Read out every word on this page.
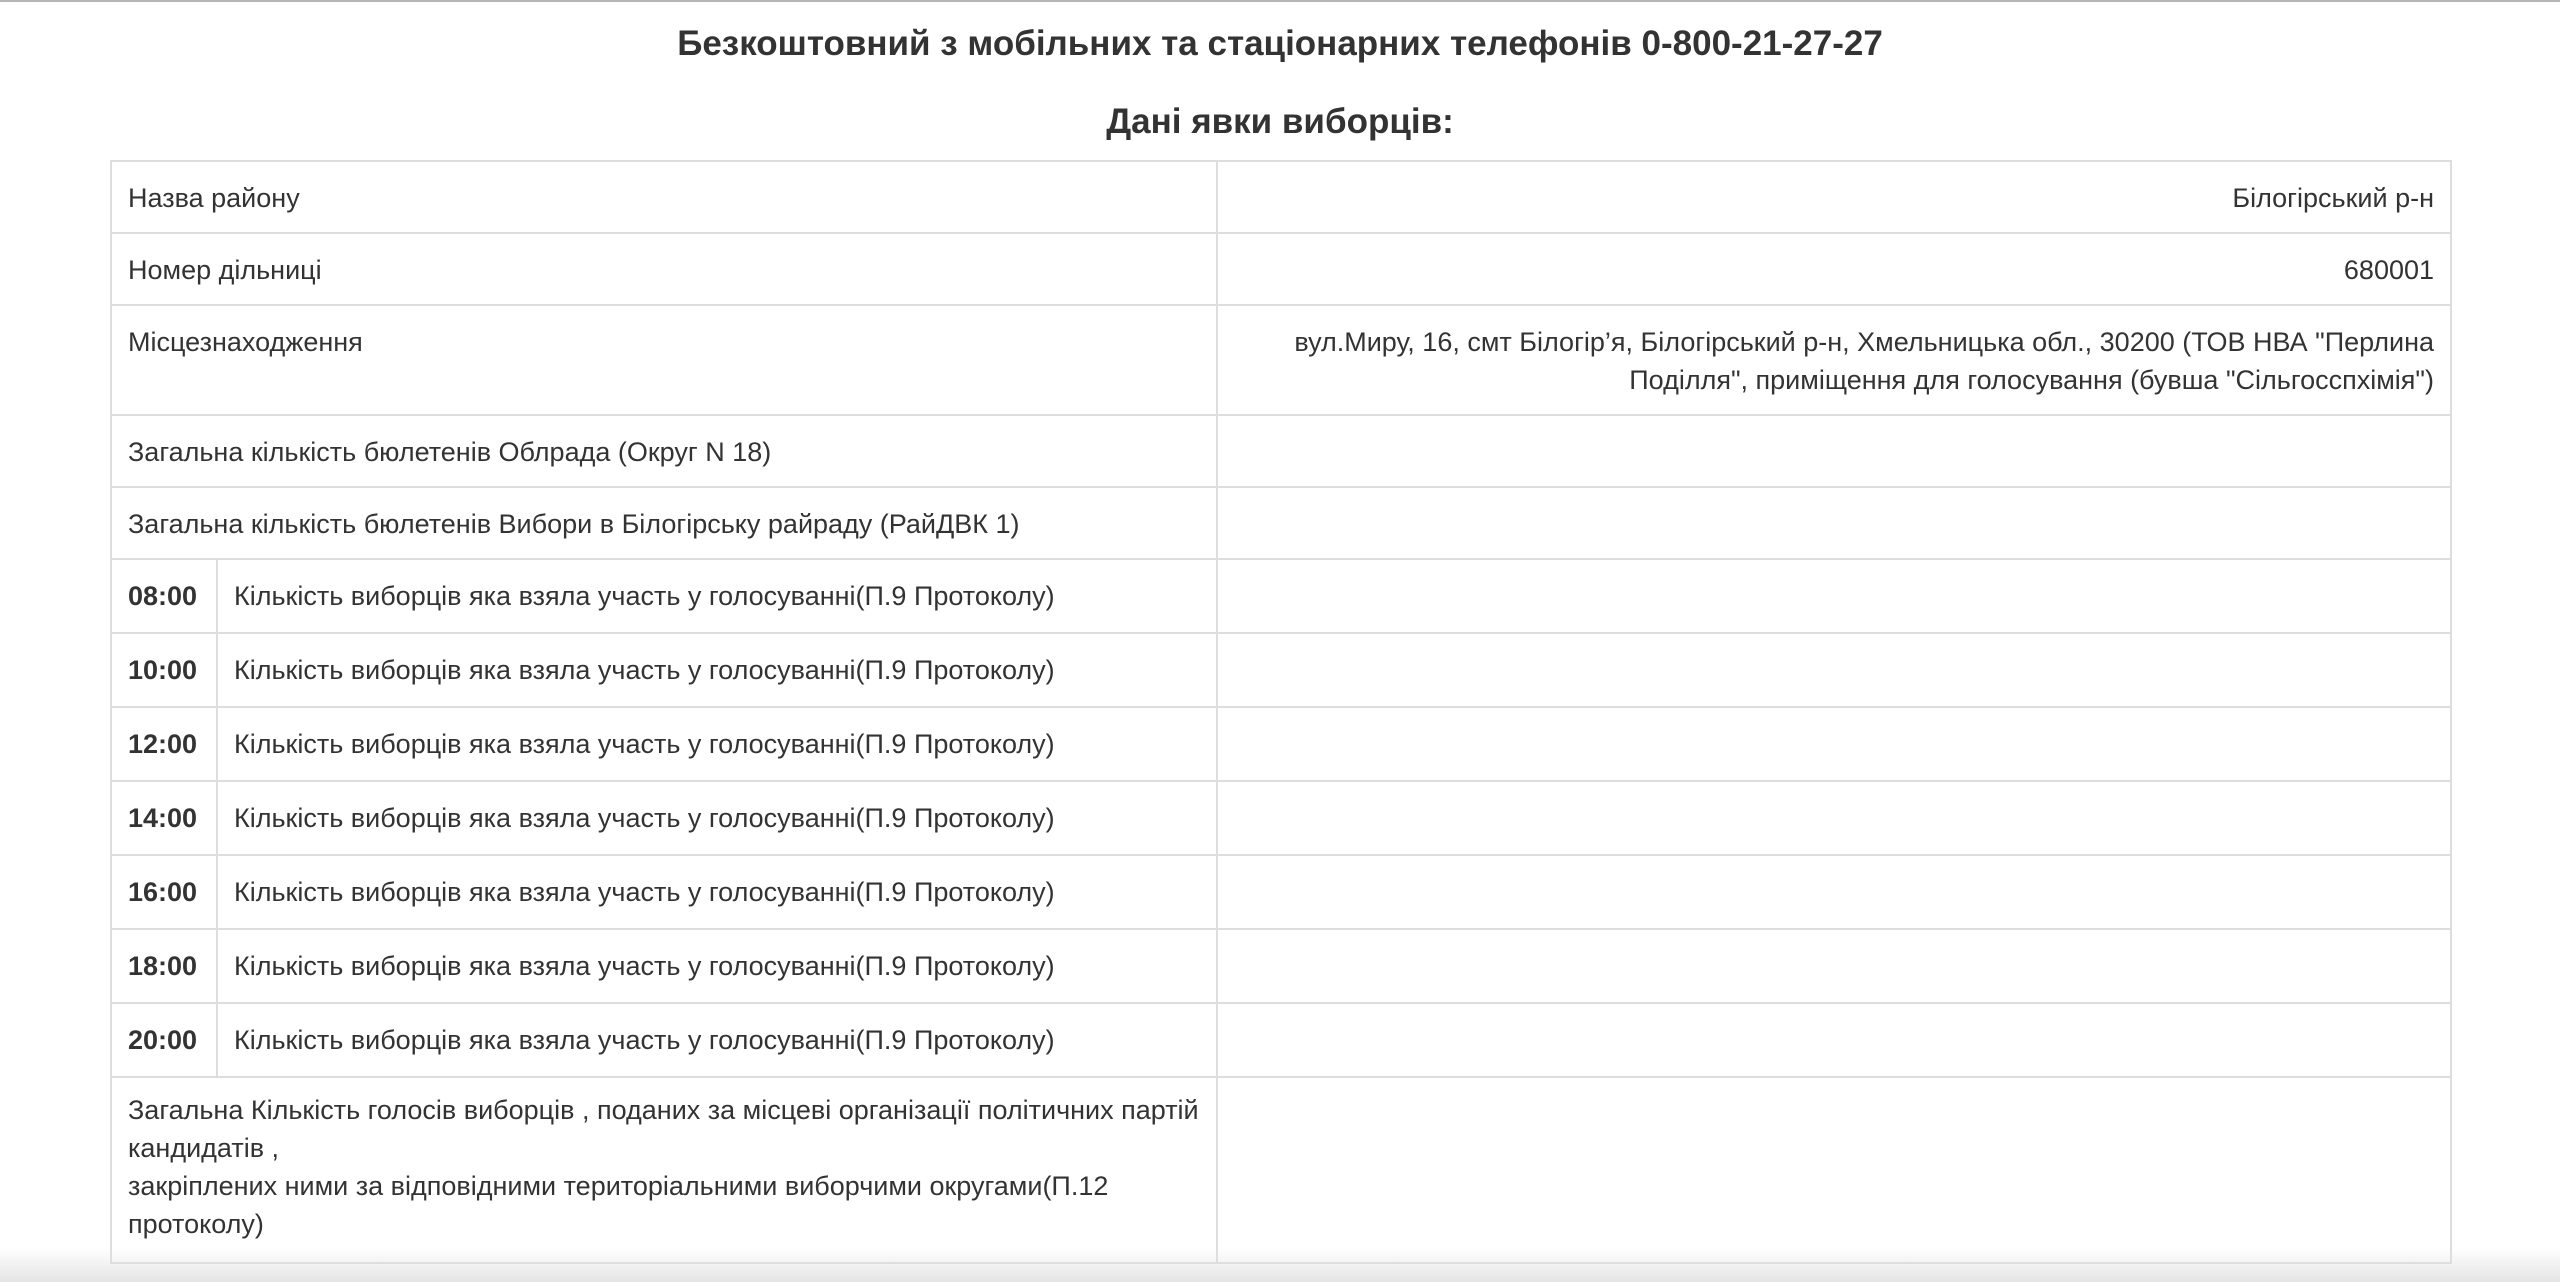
Безкоштовний з мобільних та стаціонарних телефонів 0-800-21-27-27
Дані явки виборців:
Назва району		Білогірський р-н
Номер дільниці		680001
Місцезнаходження		вул.Миру, 16, смт Білогір’я, Білогірський р-н, Хмельницька обл., 30200 (ТОВ НВА "Перлина Поділля", приміщення для голосування (бувша "Сільгосспхімія")
Загальна кількість бюлетенів Облрада (Округ N 18)		
Загальна кількість бюлетенів Вибори в Білогірську райраду (РайДВК 1)		
08:00	Кількість виборців яка взяла участь у голосуванні(П.9 Протоколу)	
10:00	Кількість виборців яка взяла участь у голосуванні(П.9 Протоколу)	
12:00	Кількість виборців яка взяла участь у голосуванні(П.9 Протоколу)	
14:00	Кількість виборців яка взяла участь у голосуванні(П.9 Протоколу)	
16:00	Кількість виборців яка взяла участь у голосуванні(П.9 Протоколу)	
18:00	Кількість виборців яка взяла участь у голосуванні(П.9 Протоколу)	
20:00	Кількість виборців яка взяла участь у голосуванні(П.9 Протоколу)	
Загальна Кількість голосів виборців , поданих за місцеві організації політичних партій кандидатів ,
закріплених ними за відповідними територіальними виборчими округами(П.12 протоколу)		
